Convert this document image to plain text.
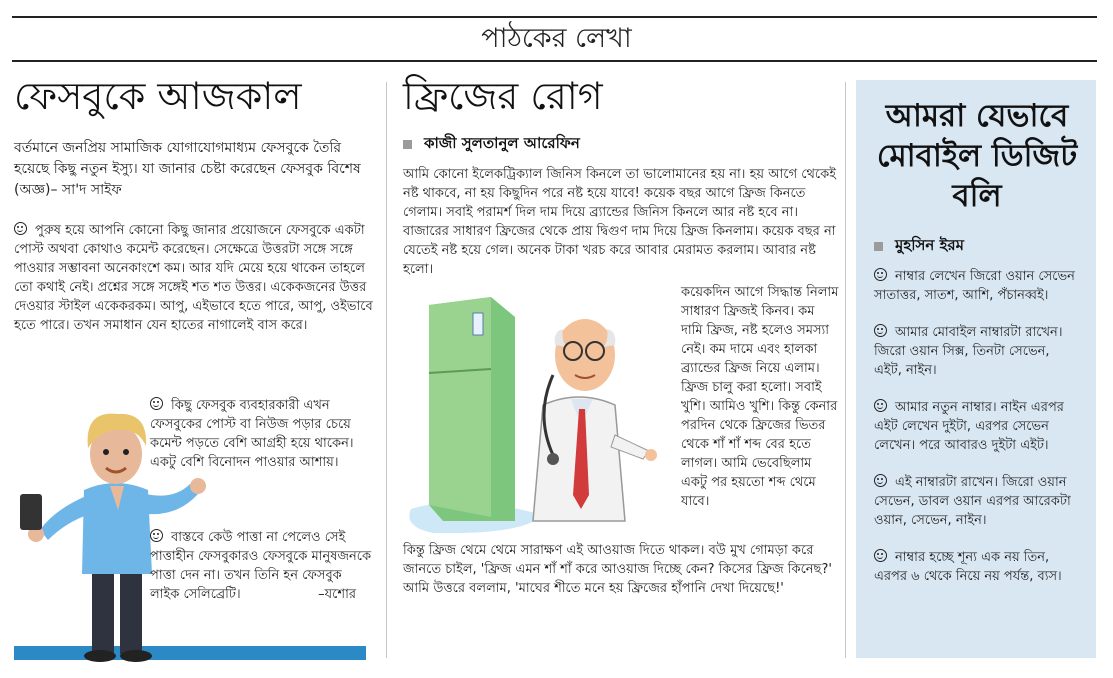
পাঠকের লেখা
ফেসবুকে আজকাল

বর্তমানে জনপ্রিয় সামাজিক যোগাযোগমাধ্যম ফেসবুকে তৈরি হয়েছে কিছু নতুন ইস্যু। যা জানার চেষ্টা করেছেন ফেসবুক বিশেষ (অজ্ঞ)– সা'দ সাইফ

পুরুষ হয়ে আপনি কোনো কিছু জানার প্রয়োজনে ফেসবুকে একটা পোস্ট অথবা কোথাও কমেন্ট করেছেন। সেক্ষেত্রে উত্তরটা সঙ্গে সঙ্গে পাওয়ার সম্ভাবনা অনেকাংশে কম। আর যদি মেয়ে হয়ে থাকেন তাহলে তো কথাই নেই। প্রশ্নের সঙ্গে সঙ্গেই শত শত উত্তর। একেকজনের উত্তর দেওয়ার স্টাইল একেকরকম। আপু, এইভাবে হতে পারে, আপু, ওইভাবে হতে পারে। তখন সমাধান যেন হাতের নাগালেই বাস করে।

কিছু ফেসবুক ব্যবহারকারী এখন ফেসবুকের পোস্ট বা নিউজ পড়ার চেয়ে কমেন্ট পড়তে বেশি আগ্রহী হয়ে থাকেন। একটু বেশি বিনোদন পাওয়ার আশায়।

বাস্তবে কেউ পাত্তা না পেলেও সেই পাত্তাহীন ফেসবুকারও ফেসবুকে মানুষজনকে পাত্তা দেন না। তখন তিনি হন ফেসবুক লাইক সেলিব্রেটি।	–যশোর

ফ্রিজের রোগ
কাজী সুলতানুল আরেফিন

আমি কোনো ইলেকট্রিক্যাল জিনিস কিনলে তা ভালোমানের হয় না। হয় আগে থেকেই নষ্ট থাকবে, না হয় কিছুদিন পরে নষ্ট হয়ে যাবে! কয়েক বছর আগে ফ্রিজ কিনতে গেলাম। সবাই পরামর্শ দিল দাম দিয়ে ব্র্যান্ডের জিনিস কিনলে আর নষ্ট হবে না। বাজারের সাধারণ ফ্রিজের থেকে প্রায় দ্বিগুণ দাম দিয়ে ফ্রিজ কিনলাম। কয়েক বছর না যেতেই নষ্ট হয়ে গেল। অনেক টাকা খরচ করে আবার মেরামত করলাম। আবার নষ্ট হলো।

কয়েকদিন আগে সিদ্ধান্ত নিলাম সাধারণ ফ্রিজই কিনব। কম দামি ফ্রিজ, নষ্ট হলেও সমস্যা নেই। কম দামে এবং হালকা ব্র্যান্ডের ফ্রিজ নিয়ে এলাম। ফ্রিজ চালু করা হলো। সবাই খুশি। আমিও খুশি। কিন্তু কেনার পরদিন থেকে ফ্রিজের ভিতর থেকে শাঁ শাঁ শব্দ বের হতে লাগল। আমি ভেবেছিলাম একটু পর হয়তো শব্দ থেমে যাবে।

কিন্তু ফ্রিজ থেমে থেমে সারাক্ষণ এই আওয়াজ দিতে থাকল। বউ মুখ গোমড়া করে জানতে চাইল, 'ফ্রিজ এমন শাঁ শাঁ করে আওয়াজ দিচ্ছে কেন? কিসের ফ্রিজ কিনেছ?'

আমি উত্তরে বললাম, 'মাঘের শীতে মনে হয় ফ্রিজের হাঁপানি দেখা দিয়েছে!'

আমরা যেভাবে মোবাইল ডিজিট বলি
মুহসিন ইরম

নাম্বার লেখেন জিরো ওয়ান সেভেন সাতাত্তর, সাতশ, আশি, পঁচানব্বই।

আমার মোবাইল নাম্বারটা রাখেন। জিরো ওয়ান সিক্স, তিনটা সেভেন, এইট, নাইন।

আমার নতুন নাম্বার। নাইন এরপর এইট লেখেন দুইটা, এরপর সেভেন লেখেন। পরে আবারও দুইটা এইট।

এই নাম্বারটা রাখেন। জিরো ওয়ান সেভেন, ডাবল ওয়ান এরপর আরেকটা ওয়ান, সেভেন, নাইন।

নাম্বার হচ্ছে শূন্য এক নয় তিন, এরপর ৬ থেকে নিয়ে নয় পর্যন্ত, ব্যস।
